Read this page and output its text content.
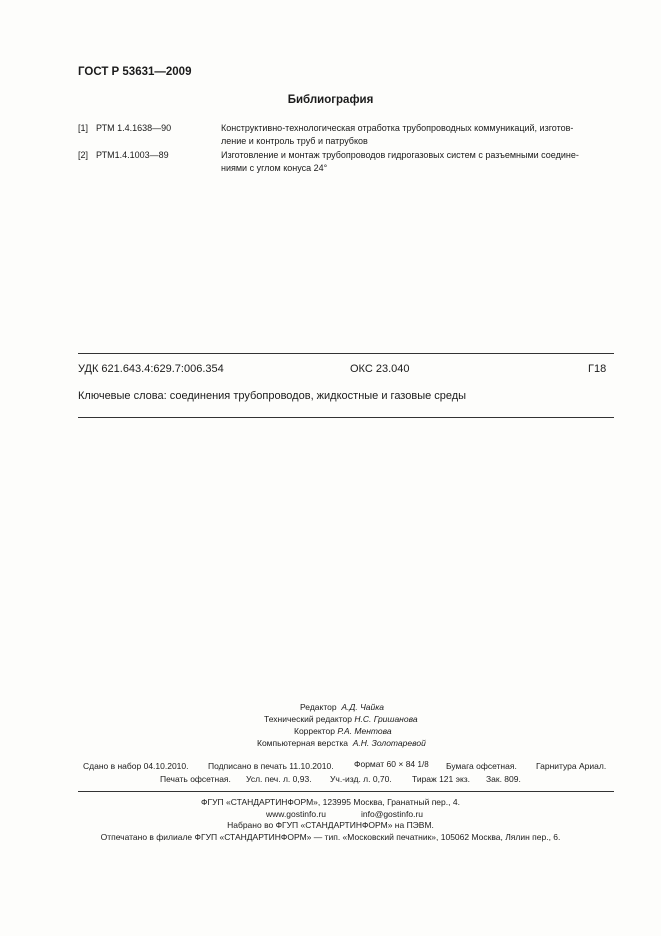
ГОСТ Р 53631—2009
Библиография
[1] РТМ 1.4.1638—90	Конструктивно-технологическая отработка трубопроводных коммуникаций, изготов-
ление и контроль труб и патрубков
[2] РТМ1.4.1003—89	Изготовление и монтаж трубопроводов гидрогазовых систем с разъемными соедине-
ниями с углом конуса 24°
УДК 621.643.4:629.7:006.354	ОКС 23.040	Г18
Ключевые слова: соединения трубопроводов, жидкостные и газовые среды
Редактор А.Д. Чайка
Технический редактор Н.С. Гришанова
Корректор Р.А. Ментова
Компьютерная верстка А.Н. Золотаревой
Сдано в набор 04.10.2010. Подписано в печать 11.10.2010. Формат 60 × 84 1/8 Бумага офсетная. Гарнитура Ариал.
Печать офсетная. Усл. печ. л. 0,93. Уч.-изд. л. 0,70. Тираж 121 экз. Зак. 809.
ФГУП «СТАНДАРТИНФОРМ», 123995 Москва, Гранатный пер., 4.
www.gostinfo.ru	info@gostinfo.ru
Набрано во ФГУП «СТАНДАРТИНФОРМ» на ПЭВМ.
Отпечатано в филиале ФГУП «СТАНДАРТИНФОРМ» — тип. «Московский печатник», 105062 Москва, Лялин пер., 6.
